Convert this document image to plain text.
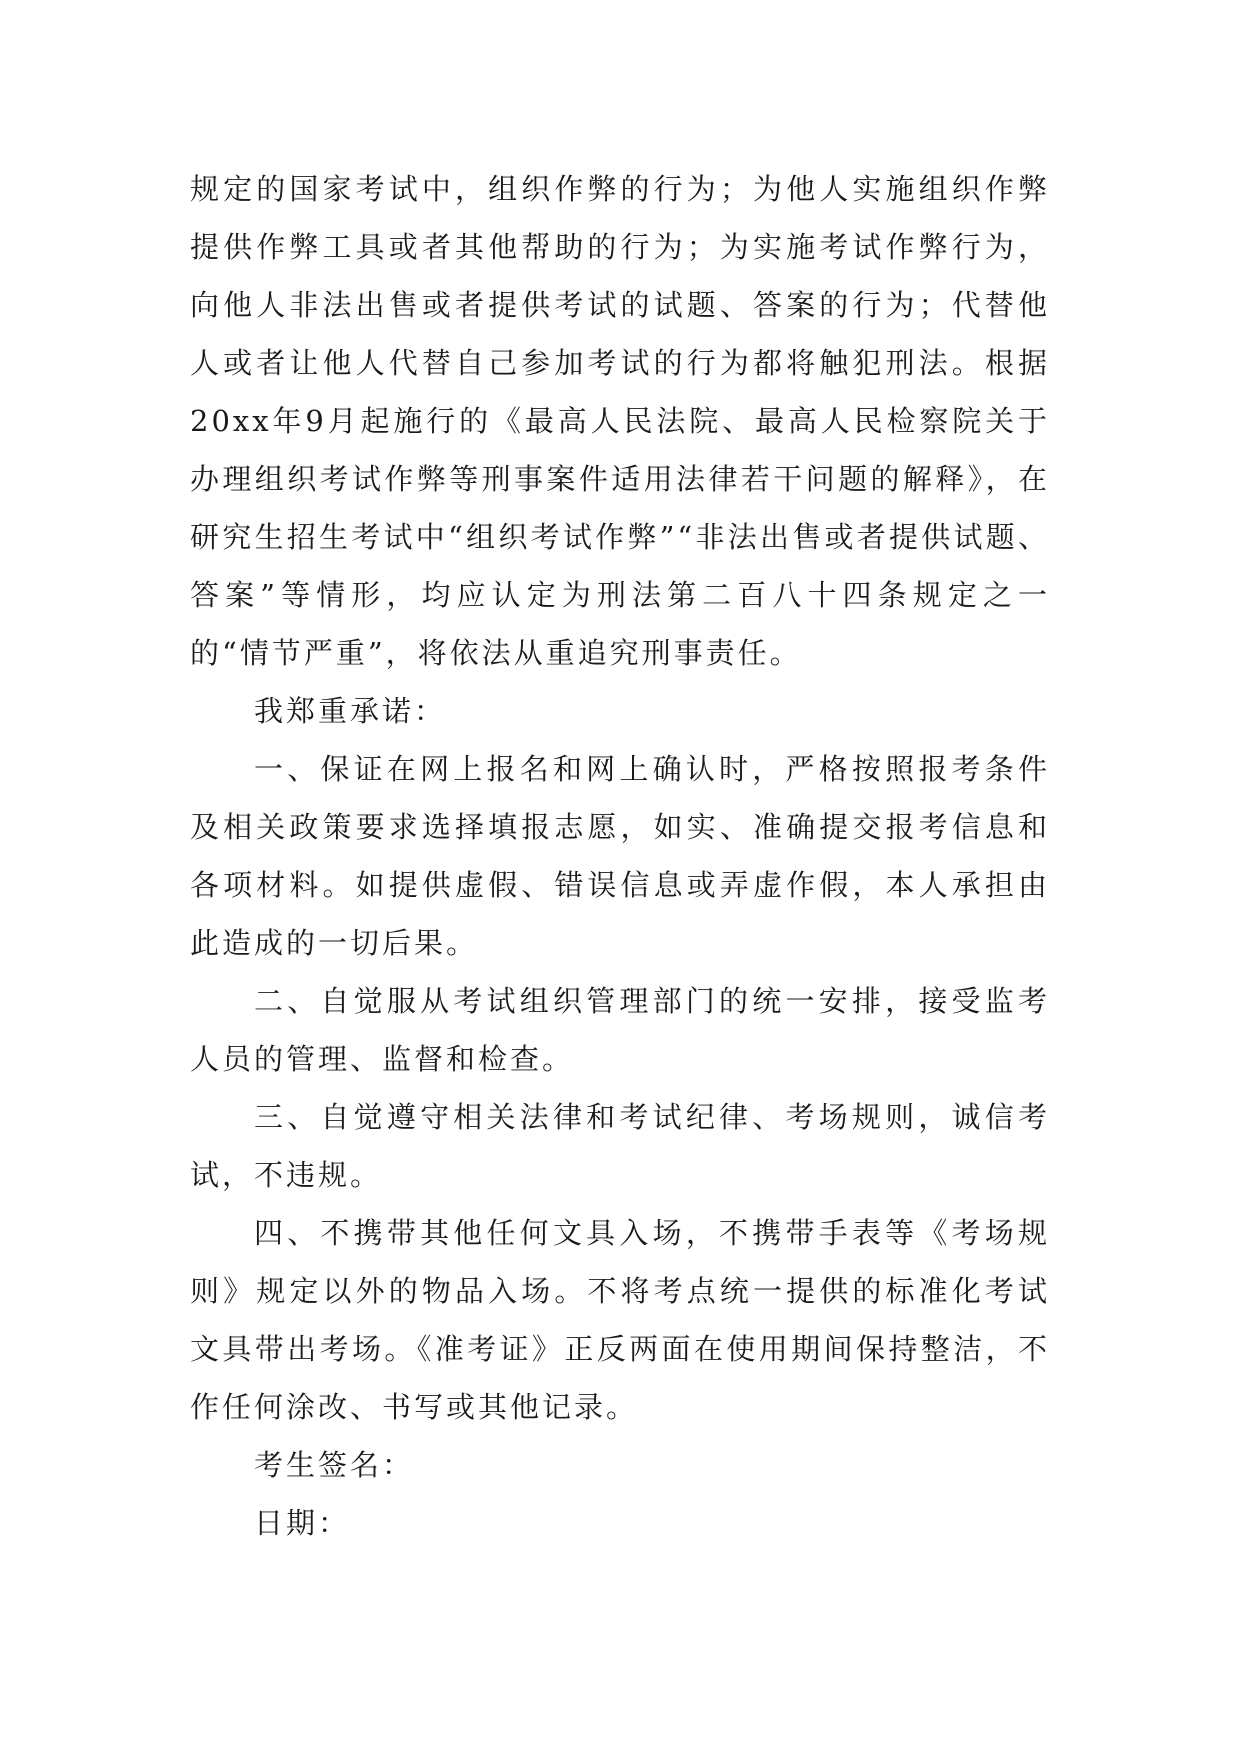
规定的国家考试中，组织作弊的行为；为他人实施组织作弊提供作弊工具或者其他帮助的行为；为实施考试作弊行为，向他人非法出售或者提供考试的试题、答案的行为；代替他人或者让他人代替自己参加考试的行为都将触犯刑法。根据20xx年9月起施行的《最高人民法院、最高人民检察院关于办理组织考试作弊等刑事案件适用法律若干问题的解释》，在研究生招生考试中“组织考试作弊”“非法出售或者提供试题、答案”等情形，均应认定为刑法第二百八十四条规定之一的“情节严重”，将依法从重追究刑事责任。

我郑重承诺：

一、保证在网上报名和网上确认时，严格按照报考条件及相关政策要求选择填报志愿，如实、准确提交报考信息和各项材料。如提供虚假、错误信息或弄虚作假，本人承担由此造成的一切后果。

二、自觉服从考试组织管理部门的统一安排，接受监考人员的管理、监督和检查。

三、自觉遵守相关法律和考试纪律、考场规则，诚信考试，不违规。

四、不携带其他任何文具入场，不携带手表等《考场规则》规定以外的物品入场。不将考点统一提供的标准化考试文具带出考场。《准考证》正反两面在使用期间保持整洁，不作任何涂改、书写或其他记录。

考生签名：

日期：
